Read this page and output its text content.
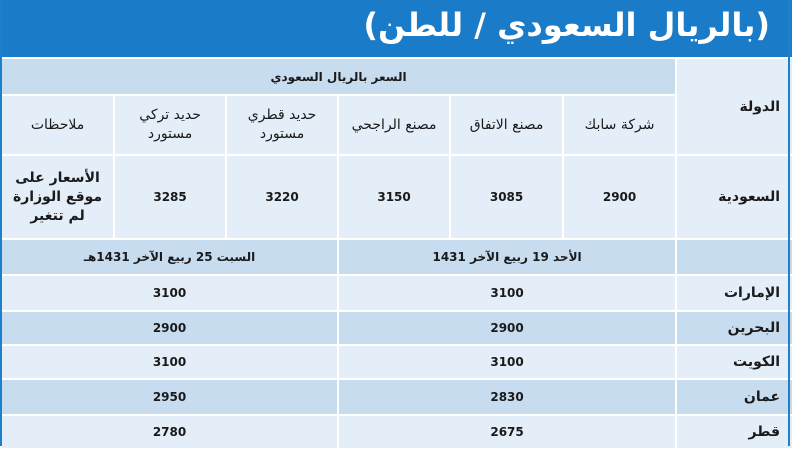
(بالريال السعودي / للطن)
الدولة	السعر بالريال السعودي					
	شركة سابك	مصنع الاتفاق	مصنع الراجحي	حديد قطري مستورد	حديد تركي مستورد	ملاحظات
السعودية	2900	3085	3150	3220	3285	الأسعار على موقع الوزارة لم تتغير
	الأحد 19 ربيع الآخر 1431			السبت 25 ربيع الآخر 1431هـ		
الإمارات	3100			3100		
البحرين	2900			2900		
الكويت	3100			3100		
عمان	2830			2950		
قطر	2675			2780		
